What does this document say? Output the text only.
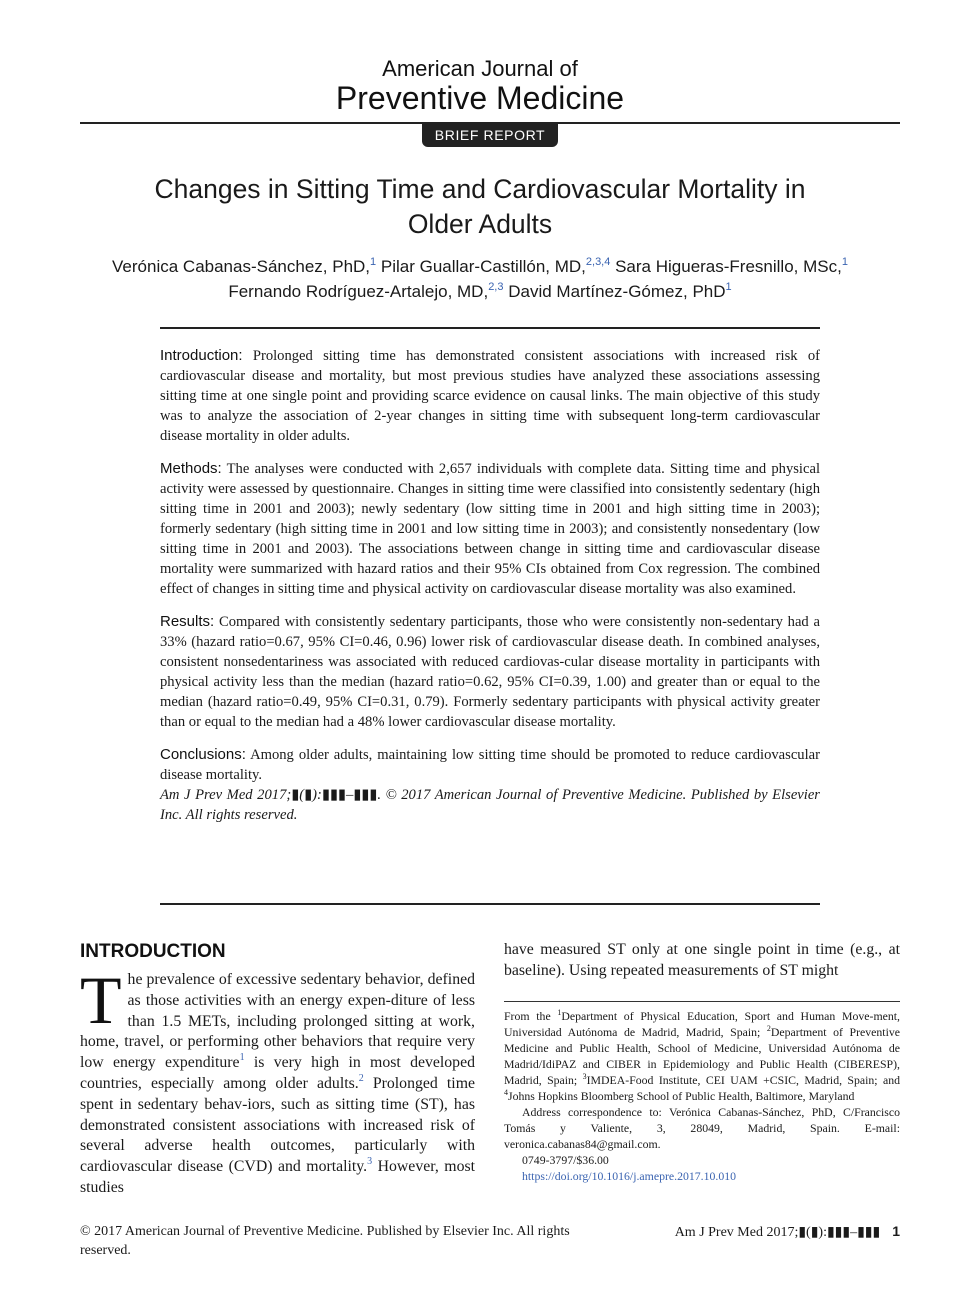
American Journal of
Preventive Medicine
BRIEF REPORT
Changes in Sitting Time and Cardiovascular Mortality in Older Adults
Verónica Cabanas-Sánchez, PhD,$^1$ Pilar Guallar-Castillón, MD,$^{2,3,4}$ Sara Higueras-Fresnillo, MSc,$^1$
Fernando Rodríguez-Artalejo, MD,$^{2,3}$ David Martínez-Gómez, PhD$^1$

Introduction: Prolonged sitting time has demonstrated consistent associations with increased risk of cardiovascular disease and mortality, but most previous studies have analyzed these associations assessing sitting time at one single point and providing scarce evidence on causal links. The main objective of this study was to analyze the association of 2-year changes in sitting time with subsequent long-term cardiovascular disease mortality in older adults.

Methods: The analyses were conducted with 2,657 individuals with complete data. Sitting time and physical activity were assessed by questionnaire. Changes in sitting time were classified into consistently sedentary (high sitting time in 2001 and 2003); newly sedentary (low sitting time in 2001 and high sitting time in 2003); formerly sedentary (high sitting time in 2001 and low sitting time in 2003); and consistently nonsedentary (low sitting time in 2001 and 2003). The associations between change in sitting time and cardiovascular disease mortality were summarized with hazard ratios and their 95% CIs obtained from Cox regression. The combined effect of changes in sitting time and physical activity on cardiovascular disease mortality was also examined.

Results: Compared with consistently sedentary participants, those who were consistently non-sedentary had a 33% (hazard ratio=0.67, 95% CI=0.46, 0.96) lower risk of cardiovascular disease death. In combined analyses, consistent nonsedentariness was associated with reduced cardiovas-cular disease mortality in participants with physical activity less than the median (hazard ratio=0.62, 95% CI=0.39, 1.00) and greater than or equal to the median (hazard ratio=0.49, 95% CI=0.31, 0.79). Formerly sedentary participants with physical activity greater than or equal to the median had a 48% lower cardiovascular disease mortality.

Conclusions: Among older adults, maintaining low sitting time should be promoted to reduce cardiovascular disease mortality.

Am J Prev Med 2017;▮(▮):▮▮▮–▮▮▮. © 2017 American Journal of Preventive Medicine. Published by Elsevier Inc. All rights reserved.

INTRODUCTION

The prevalence of excessive sedentary behavior, defined as those activities with an energy expen-diture of less than 1.5 METs, including prolonged sitting at work, home, travel, or performing other behaviors that require very low energy expenditure$^1$ is very high in most developed countries, especially among older adults.$^2$ Prolonged time spent in sedentary behav-iors, such as sitting time (ST), has demonstrated consistent associations with increased risk of several adverse health outcomes, particularly with cardiovascular disease (CVD) and mortality.$^3$ However, most studies

have measured ST only at one single point in time (e.g., at baseline). Using repeated measurements of ST might

From the $^1$Department of Physical Education, Sport and Human Move-ment, Universidad Autónoma de Madrid, Madrid, Spain; $^2$Department of Preventive Medicine and Public Health, School of Medicine, Universidad Autónoma de Madrid/IdiPAZ and CIBER in Epidemiology and Public Health (CIBERESP), Madrid, Spain; $^3$IMDEA-Food Institute, CEI UAM +CSIC, Madrid, Spain; and $^4$Johns Hopkins Bloomberg School of Public Health, Baltimore, Maryland

Address correspondence to: Verónica Cabanas-Sánchez, PhD, C/Francisco Tomás y Valiente, 3, 28049, Madrid, Spain. E-mail: veronica.cabanas84@gmail.com.

0749-3797/$36.00

https://doi.org/10.1016/j.amepre.2017.10.010

© 2017 American Journal of Preventive Medicine. Published by Elsevier Inc. All rights reserved.
Am J Prev Med 2017;▮(▮):▮▮▮–▮▮▮ 1
